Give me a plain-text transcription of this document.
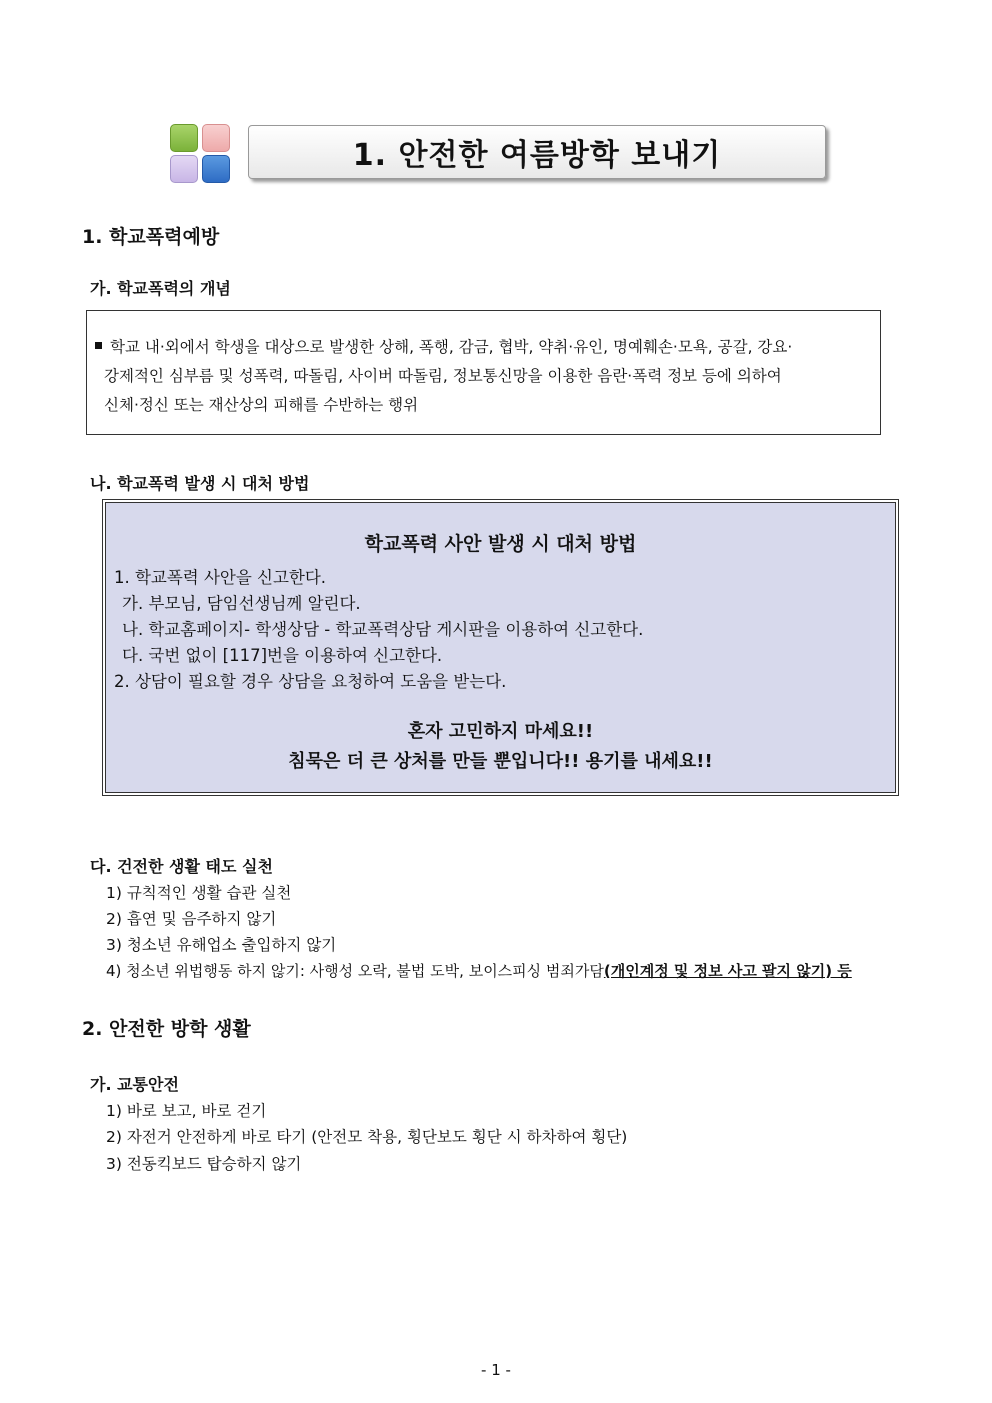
1. 안전한 여름방학 보내기
1. 학교폭력예방
가. 학교폭력의 개념
학교 내·외에서 학생을 대상으로 발생한 상해, 폭행, 감금, 협박, 약취·유인, 명예훼손·모욕, 공갈, 강요·
강제적인 심부름 및 성폭력, 따돌림, 사이버 따돌림, 정보통신망을 이용한 음란·폭력 정보 등에 의하여
신체·정신 또는 재산상의 피해를 수반하는 행위
나. 학교폭력 발생 시 대처 방법
학교폭력 사안 발생 시 대처 방법
1. 학교폭력 사안을 신고한다.
가. 부모님, 담임선생님께 알린다.
나. 학교홈페이지- 학생상담 - 학교폭력상담 게시판을 이용하여 신고한다.
다. 국번 없이 [117]번을 이용하여 신고한다.
2. 상담이 필요할 경우 상담을 요청하여 도움을 받는다.
혼자 고민하지 마세요!!
침묵은 더 큰 상처를 만들 뿐입니다!! 용기를 내세요!!
다. 건전한 생활 태도 실천
1) 규칙적인 생활 습관 실천
2) 흡연 및 음주하지 않기
3) 청소년 유해업소 출입하지 않기
4) 청소년 위법행동 하지 않기: 사행성 오락, 불법 도박, 보이스피싱 범죄가담(개인계정 및 정보 사고 팔지 않기) 등
2. 안전한 방학 생활
가. 교통안전
1) 바로 보고, 바로 걷기
2) 자전거 안전하게 바로 타기 (안전모 착용, 횡단보도 횡단 시 하차하여 횡단)
3) 전동킥보드 탑승하지 않기
- 1 -
